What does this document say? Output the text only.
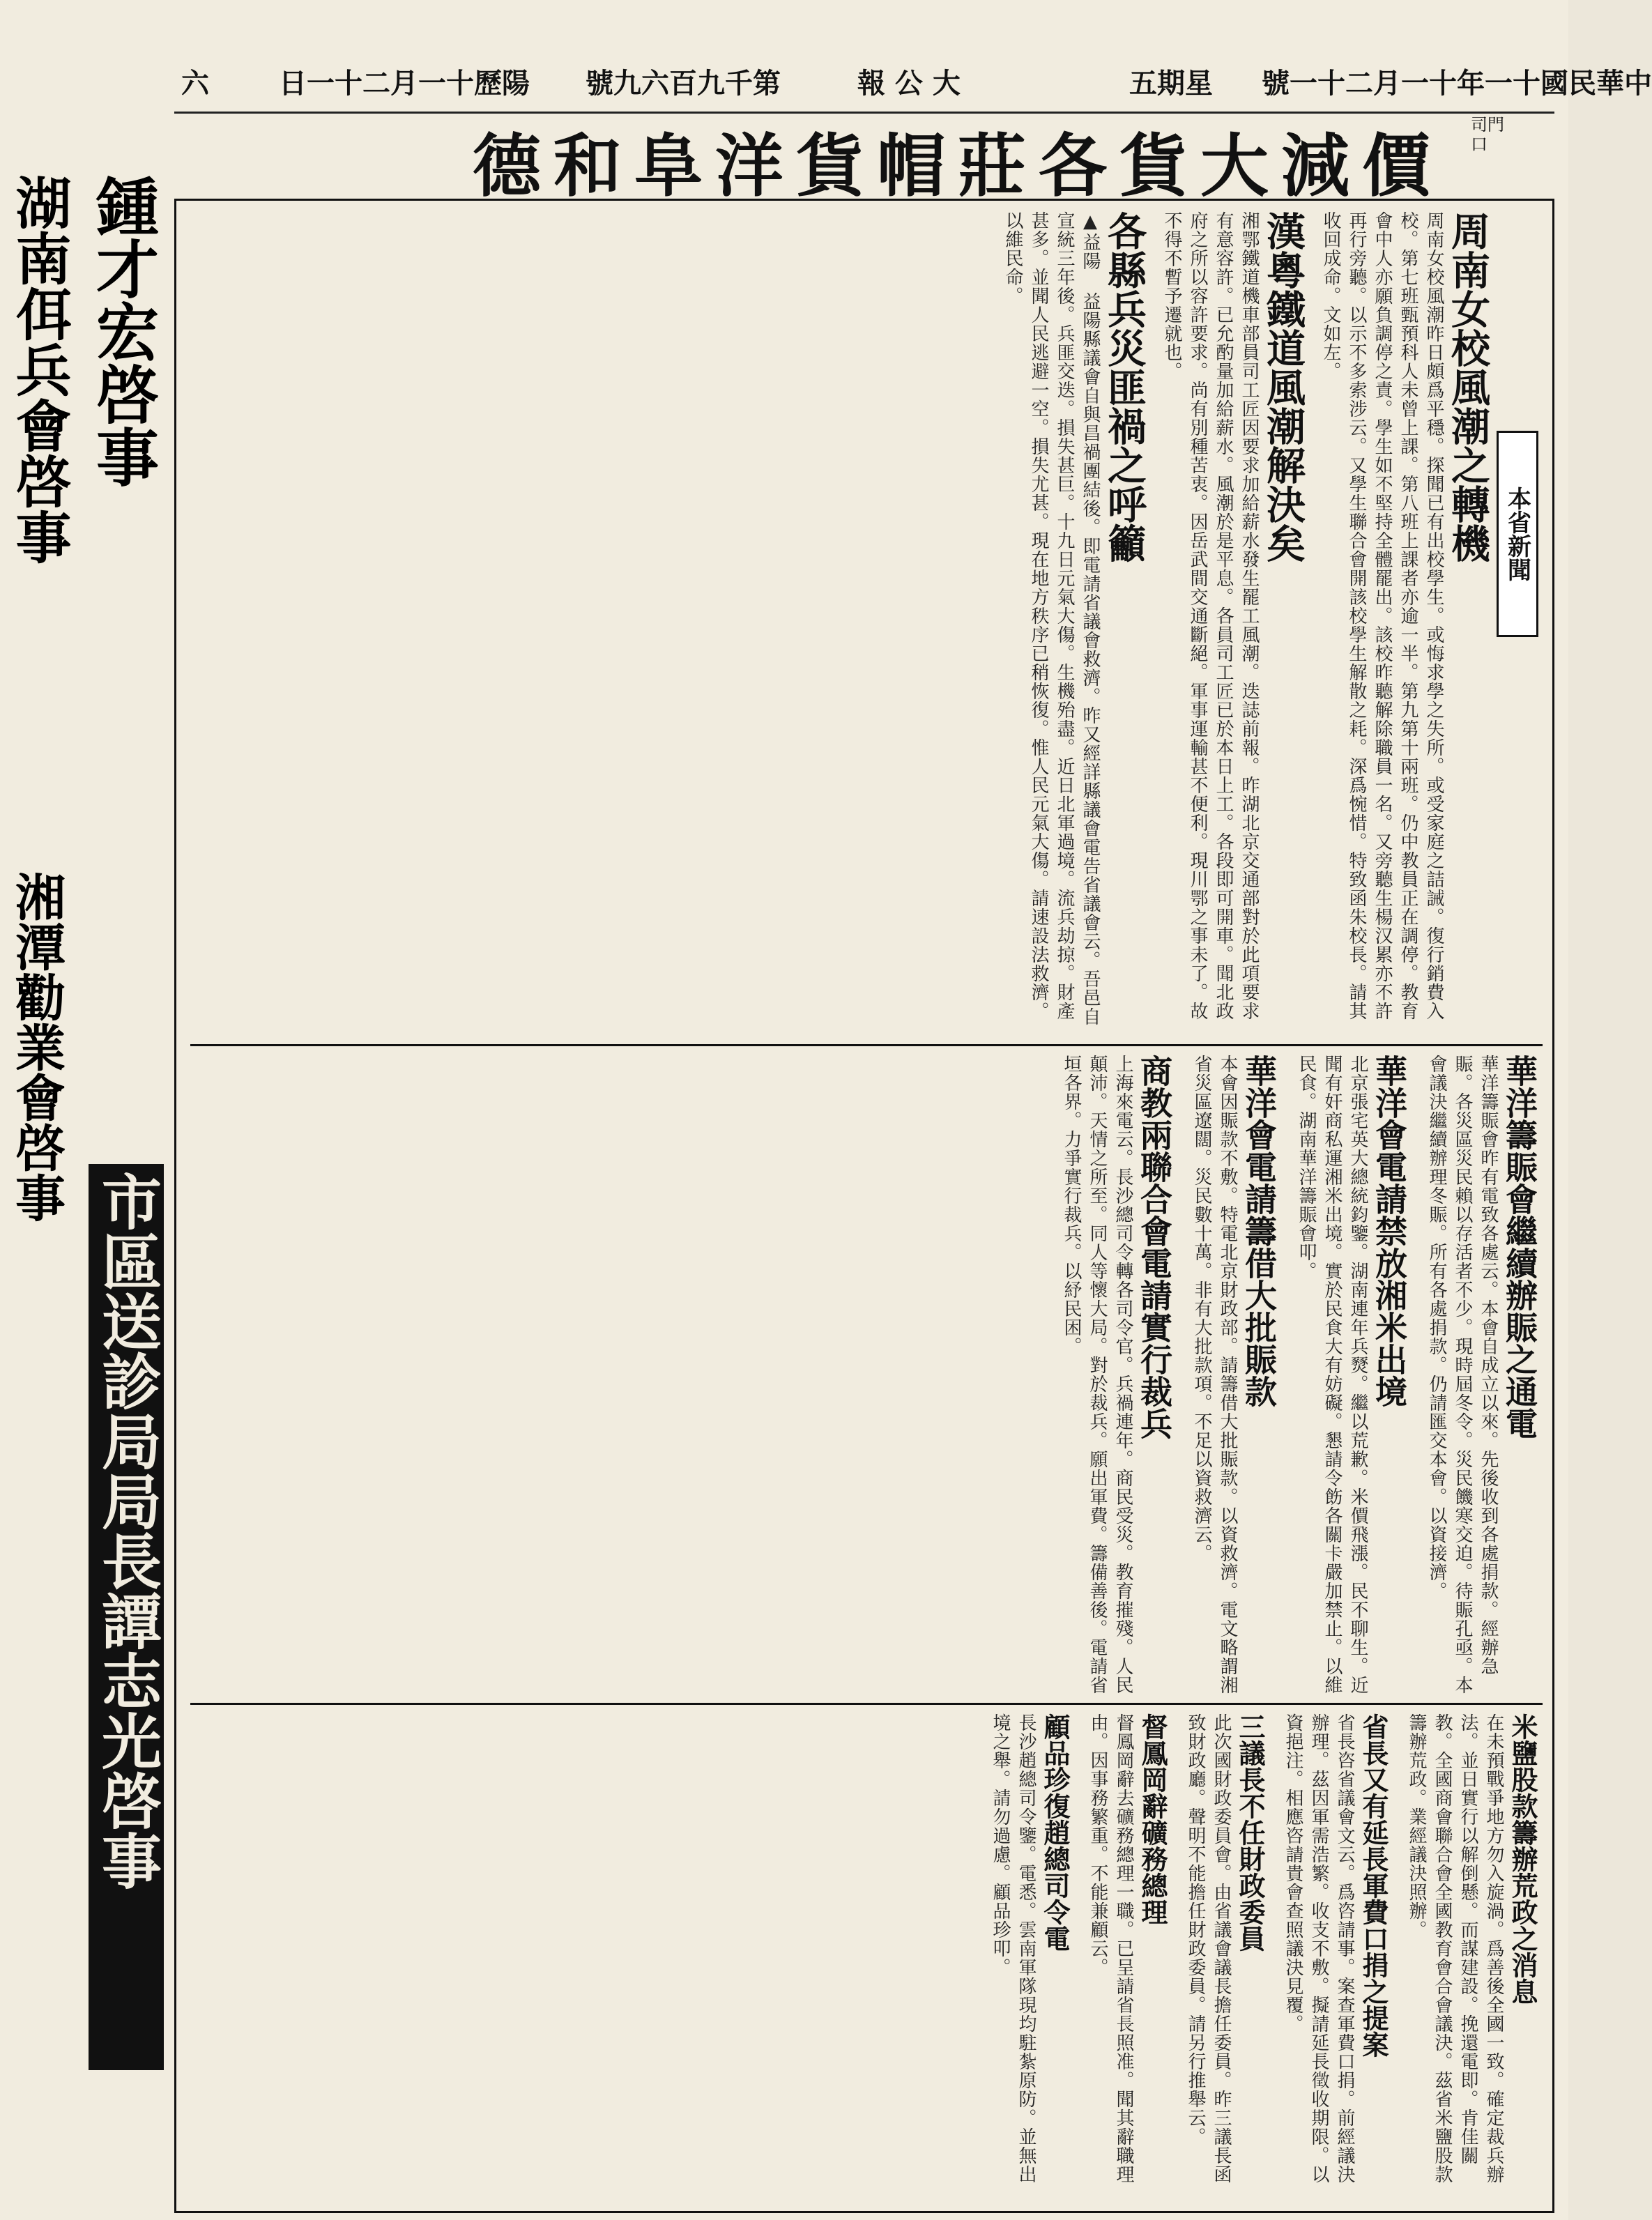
六	日一十二月一十歷陽 號九六百九千第	報 公 大	五期星 號一十二月一十年一十國民華中
德和阜洋貨帽莊各貨大減價
司門口
本省新聞
周南女校風潮之轉機
周南女校風潮昨日頗爲平穩。探聞已有出校學生。或悔求學之失所。或受家庭之詰誡。復行銷費入校。第七班甄預科人未曾上課。第八班上課者亦逾一半。第九第十兩班。仍中教員正在調停。教育會中人亦願負調停之責。學生如不堅持全體罷出。該校昨聽解除職員一名。又旁聽生楊汉累亦不許再行旁聽。以示不多索涉云。又學生聯合會開該校學生解散之耗。深爲惋惜。特致函朱校長。請其收回成命。文如左。
漢粵鐵道風潮解決矣
湘鄂鐵道機車部員司工匠因要求加給薪水發生罷工風潮。迭誌前報。昨湖北京交通部對於此項要求有意容許。已允酌量加給薪水。風潮於是平息。各員司工匠已於本日上工。各段即可開車。聞北政府之所以容許要求。尚有別種苦衷。因岳武間交通斷絕。軍事運輸甚不便利。現川鄂之事未了。故不得不暫予遷就也。
各縣兵災匪禍之呼籲
▲益陽 益陽縣議會自與昌禍團結後。即電請省議會救濟。昨又經詳縣議會電告省議會云。吾邑自宣統三年後。兵匪交迭。損失甚巨。十九日元氣大傷。生機殆盡。近日北軍過境。流兵劫掠。財產甚多。並聞人民逃避一空。損失尤甚。現在地方秩序已稍恢復。惟人民元氣大傷。請速設法救濟。以維民命。
華洋籌賑會繼續辦賑之通電
華洋籌賑會昨有電致各處云。本會自成立以來。先後收到各處捐款。經辦急賑。各災區災民賴以存活者不少。現時屆冬令。災民饑寒交迫。待賑孔亟。本會議決繼續辦理冬賑。所有各處捐款。仍請匯交本會。以資接濟。
華洋會電請禁放湘米出境
北京張宅英大總統鈞鑒。湖南連年兵燹。繼以荒歉。米價飛漲。民不聊生。近聞有奸商私運湘米出境。實於民食大有妨礙。懇請令飭各關卡嚴加禁止。以維民食。湖南華洋籌賑會叩。
華洋會電請籌借大批賑款
本會因賑款不敷。特電北京財政部。請籌借大批賑款。以資救濟。電文略謂湘省災區遼闊。災民數十萬。非有大批款項。不足以資救濟云。
商教兩聯合會電請實行裁兵
上海來電云。長沙總司令轉各司令官。兵禍連年。商民受災。教育摧殘。人民顛沛。天情之所至。同人等懷大局。對於裁兵。願出軍費。籌備善後。電請省垣各界。力爭實行裁兵。以紓民困。
米鹽股款籌辦荒政之消息
在未預戰爭地方勿入旋渦。爲善後全國一致。確定裁兵辦法。並日實行以解倒懸。而謀建設。挽還電即。肯佳關教。全國商會聯合會全國教育會合會議決。茲省米鹽股款籌辦荒政。業經議決照辦。
省長又有延長軍費口捐之提案
省長咨省議會文云。爲咨請事。案查軍費口捐。前經議決辦理。茲因軍需浩繁。收支不敷。擬請延長徵收期限。以資挹注。相應咨請貴會查照議決見覆。
三議長不任財政委員
此次國財政委員會。由省議會議長擔任委員。昨三議長函致財政廳。聲明不能擔任財政委員。請另行推舉云。
督鳳岡辭礦務總理
督鳳岡辭去礦務總理一職。已呈請省長照准。聞其辭職理由。因事務繁重。不能兼顧云。
顧品珍復趙總司令電
長沙趙總司令鑒。電悉。雲南軍隊現均駐紮原防。並無出境之舉。請勿過慮。顧品珍叩。
鍾才宏啓事
湖南佴兵會啓事
市區送診局局長譚志光啓事
湘潭勸業會啓事
